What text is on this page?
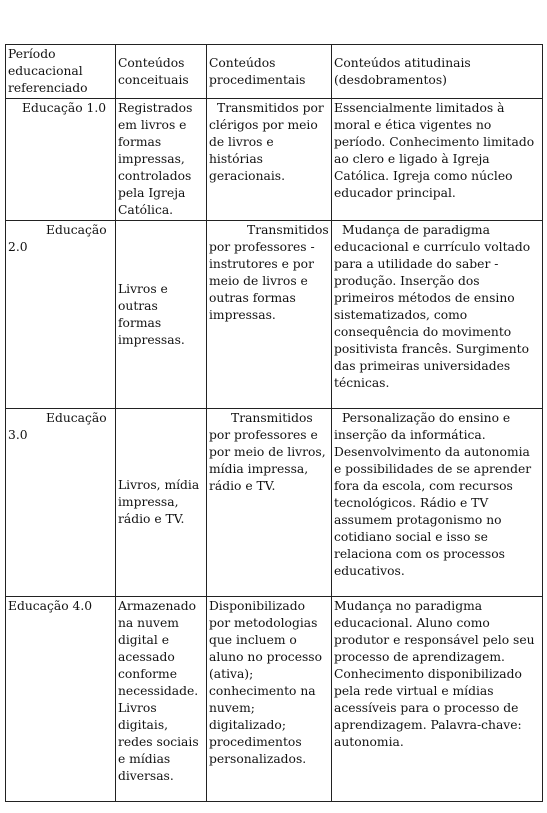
Período educacional referenciado	Conteúdos conceituais	Conteúdos procedimentais	Conteúdos atitudinais (desdobramentos)
Educação 1.0	Registrados em livros e formas impressas, controlados pela Igreja Católica.	Transmitidos por clérigos por meio de livros e histórias geracionais.	Essencialmente limitados à moral e ética vigentes no período. Conhecimento limitado ao clero e ligado à Igreja Católica. Igreja como núcleo educador principal.
Educação 2.0	Livros e outras formas impressas.	Transmitidos por professores - instrutores e por meio de livros e outras formas impressas.	Mudança de paradigma educacional e currículo voltado para a utilidade do saber - produção. Inserção dos primeiros métodos de ensino sistematizados, como consequência do movimento positivista francês. Surgimento das primeiras universidades técnicas.
Educação 3.0	Livros, mídia impressa, rádio e TV.	Transmitidos por professores e por meio de livros, mídia impressa, rádio e TV.	Personalização do ensino e inserção da informática. Desenvolvimento da autonomia e possibilidades de se aprender fora da escola, com recursos tecnológicos. Rádio e TV assumem protagonismo no cotidiano social e isso se relaciona com os processos educativos.
Educação 4.0	Armazenado na nuvem digital e acessado conforme necessidade. Livros digitais, redes sociais e mídias diversas.	Disponibilizado por metodologias que incluem o aluno no processo (ativa); conhecimento na nuvem; digitalizado; procedimentos personalizados.	Mudança no paradigma educacional. Aluno como produtor e responsável pelo seu processo de aprendizagem. Conhecimento disponibilizado pela rede virtual e mídias acessíveis para o processo de aprendizagem. Palavra-chave: autonomia.
